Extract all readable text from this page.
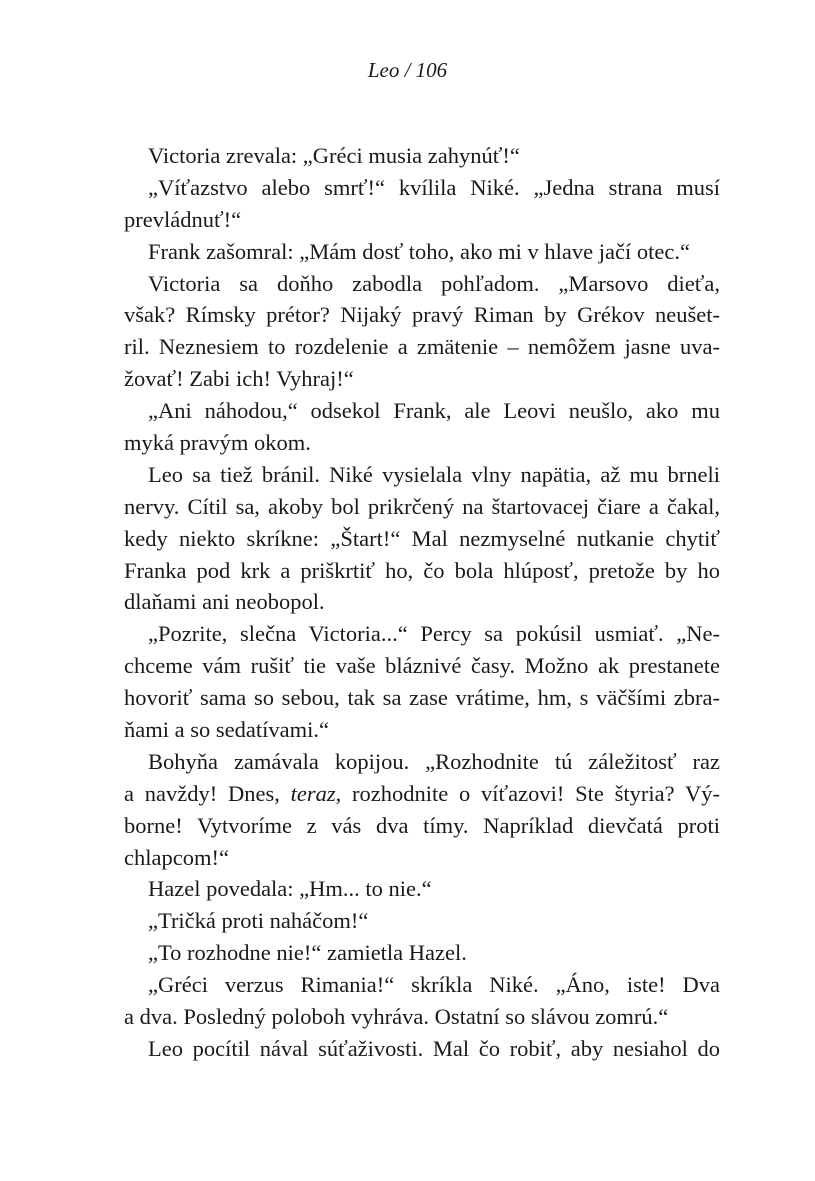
Leo / 106
Victoria zrevala: „Gréci musia zahynúť!“
„Víťazstvo alebo smrť!“ kvílila Niké. „Jedna strana musí
prevládnuť!“
Frank zašomral: „Mám dosť toho, ako mi v hlave jačí otec.“
Victoria sa doňho zabodla pohľadom. „Marsovo dieťa,
však? Rímsky prétor? Nijaký pravý Riman by Grékov neušet-
ril. Neznesiem to rozdelenie a zmätenie – nemôžem jasne uva-
žovať! Zabi ich! Vyhraj!“
„Ani náhodou,“ odsekol Frank, ale Leovi neušlo, ako mu
myká pravým okom.
Leo sa tiež bránil. Niké vysielala vlny napätia, až mu brneli
nervy. Cítil sa, akoby bol prikrčený na štartovacej čiare a čakal,
kedy niekto skríkne: „Štart!“ Mal nezmyselné nutkanie chytiť
Franka pod krk a priškrtiť ho, čo bola hlúposť, pretože by ho
dlaňami ani neobopol.
„Pozrite, slečna Victoria...“ Percy sa pokúsil usmiať. „Ne-
chceme vám rušiť tie vaše bláznivé časy. Možno ak prestanete
hovoriť sama so sebou, tak sa zase vrátime, hm, s väčšími zbra-
ňami a so sedatívami.“
Bohyňa zamávala kopijou. „Rozhodnite tú záležitosť raz
a navždy! Dnes, teraz, rozhodnite o víťazovi! Ste štyria? Vý-
borne! Vytvoríme z vás dva tímy. Napríklad dievčatá proti
chlapcom!“
Hazel povedala: „Hm... to nie.“
„Tričká proti naháčom!“
„To rozhodne nie!“ zamietla Hazel.
„Gréci verzus Rimania!“ skríkla Niké. „Áno, iste! Dva
a dva. Posledný poloboh vyhráva. Ostatní so slávou zomrú.“
Leo pocítil nával súťaživosti. Mal čo robiť, aby nesiahol do
